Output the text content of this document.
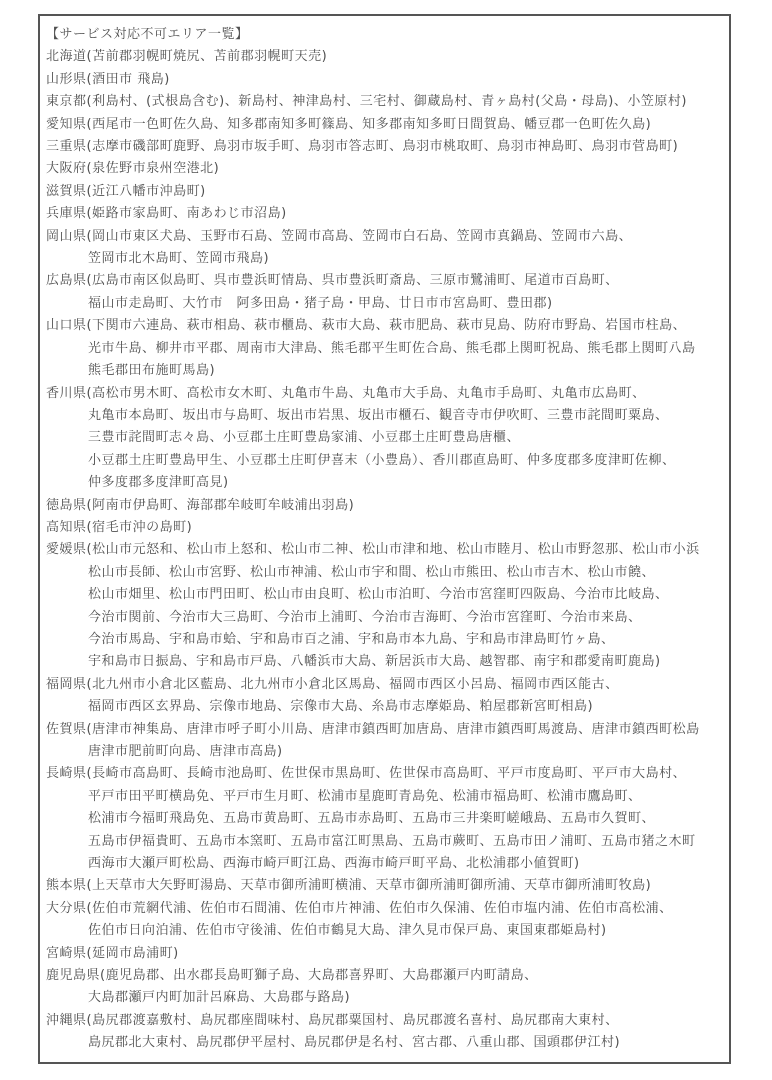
【サービス対応不可エリア一覧】
北海道(苫前郡羽幌町焼尻、苫前郡羽幌町天売)
山形県(酒田市 飛島)
東京都(利島村、(式根島含む)、新島村、神津島村、三宅村、御蔵島村、青ヶ島村(父島・母島)、小笠原村)
愛知県(西尾市一色町佐久島、知多郡南知多町篠島、知多郡南知多町日間賀島、幡豆郡一色町佐久島)
三重県(志摩市磯部町鹿野、鳥羽市坂手町、鳥羽市答志町、鳥羽市桃取町、鳥羽市神島町、鳥羽市菅島町)
大阪府(泉佐野市泉州空港北)
滋賀県(近江八幡市沖島町)
兵庫県(姫路市家島町、南あわじ市沼島)
岡山県(岡山市東区犬島、玉野市石島、笠岡市高島、笠岡市白石島、笠岡市真鍋島、笠岡市六島、
笠岡市北木島町、笠岡市飛島)
広島県(広島市南区似島町、呉市豊浜町情島、呉市豊浜町斎島、三原市鷺浦町、尾道市百島町、
福山市走島町、大竹市　阿多田島・猪子島・甲島、廿日市市宮島町、豊田郡)
山口県(下関市六連島、萩市相島、萩市櫃島、萩市大島、萩市肥島、萩市見島、防府市野島、岩国市柱島、
光市牛島、柳井市平郡、周南市大津島、熊毛郡平生町佐合島、熊毛郡上関町祝島、熊毛郡上関町八島
熊毛郡田布施町馬島)
香川県(高松市男木町、高松市女木町、丸亀市牛島、丸亀市大手島、丸亀市手島町、丸亀市広島町、
丸亀市本島町、坂出市与島町、坂出市岩黒、坂出市櫃石、観音寺市伊吹町、三豊市詫間町粟島、
三豊市詫間町志々島、小豆郡土庄町豊島家浦、小豆郡土庄町豊島唐櫃、
小豆郡土庄町豊島甲生、小豆郡土庄町伊喜末（小豊島）、香川郡直島町、仲多度郡多度津町佐柳、
仲多度郡多度津町高見)
徳島県(阿南市伊島町、海部郡牟岐町牟岐浦出羽島)
高知県(宿毛市沖の島町)
愛媛県(松山市元怒和、松山市上怒和、松山市二神、松山市津和地、松山市睦月、松山市野忽那、松山市小浜
松山市長師、松山市宮野、松山市神浦、松山市宇和間、松山市熊田、松山市吉木、松山市饒、
松山市畑里、松山市門田町、松山市由良町、松山市泊町、今治市宮窪町四阪島、今治市比岐島、
今治市関前、今治市大三島町、今治市上浦町、今治市吉海町、今治市宮窪町、今治市来島、
今治市馬島、宇和島市蛤、宇和島市百之浦、宇和島市本九島、宇和島市津島町竹ヶ島、
宇和島市日振島、宇和島市戸島、八幡浜市大島、新居浜市大島、越智郡、南宇和郡愛南町鹿島)
福岡県(北九州市小倉北区藍島、北九州市小倉北区馬島、福岡市西区小呂島、福岡市西区能古、
福岡市西区玄界島、宗像市地島、宗像市大島、糸島市志摩姫島、粕屋郡新宮町相島)
佐賀県(唐津市神集島、唐津市呼子町小川島、唐津市鎮西町加唐島、唐津市鎮西町馬渡島、唐津市鎮西町松島
唐津市肥前町向島、唐津市高島)
長崎県(長崎市高島町、長崎市池島町、佐世保市黒島町、佐世保市高島町、平戸市度島町、平戸市大島村、
平戸市田平町横島免、平戸市生月町、松浦市星鹿町青島免、松浦市福島町、松浦市鷹島町、
松浦市今福町飛島免、五島市黄島町、五島市赤島町、五島市三井楽町嵯峨島、五島市久賀町、
五島市伊福貴町、五島市本窯町、五島市富江町黒島、五島市蕨町、五島市田ノ浦町、五島市猪之木町
西海市大瀬戸町松島、西海市崎戸町江島、西海市崎戸町平島、北松浦郡小値賀町)
熊本県(上天草市大矢野町湯島、天草市御所浦町横浦、天草市御所浦町御所浦、天草市御所浦町牧島)
大分県(佐伯市荒網代浦、佐伯市石間浦、佐伯市片神浦、佐伯市久保浦、佐伯市塩内浦、佐伯市高松浦、
佐伯市日向泊浦、佐伯市守後浦、佐伯市鶴見大島、津久見市保戸島、東国東郡姫島村)
宮崎県(延岡市島浦町)
鹿児島県(鹿児島郡、出水郡長島町獅子島、大島郡喜界町、大島郡瀬戸内町請島、
大島郡瀬戸内町加計呂麻島、大島郡与路島)
沖縄県(島尻郡渡嘉敷村、島尻郡座間味村、島尻郡粟国村、島尻郡渡名喜村、島尻郡南大東村、
島尻郡北大東村、島尻郡伊平屋村、島尻郡伊是名村、宮古郡、八重山郡、国頭郡伊江村)
